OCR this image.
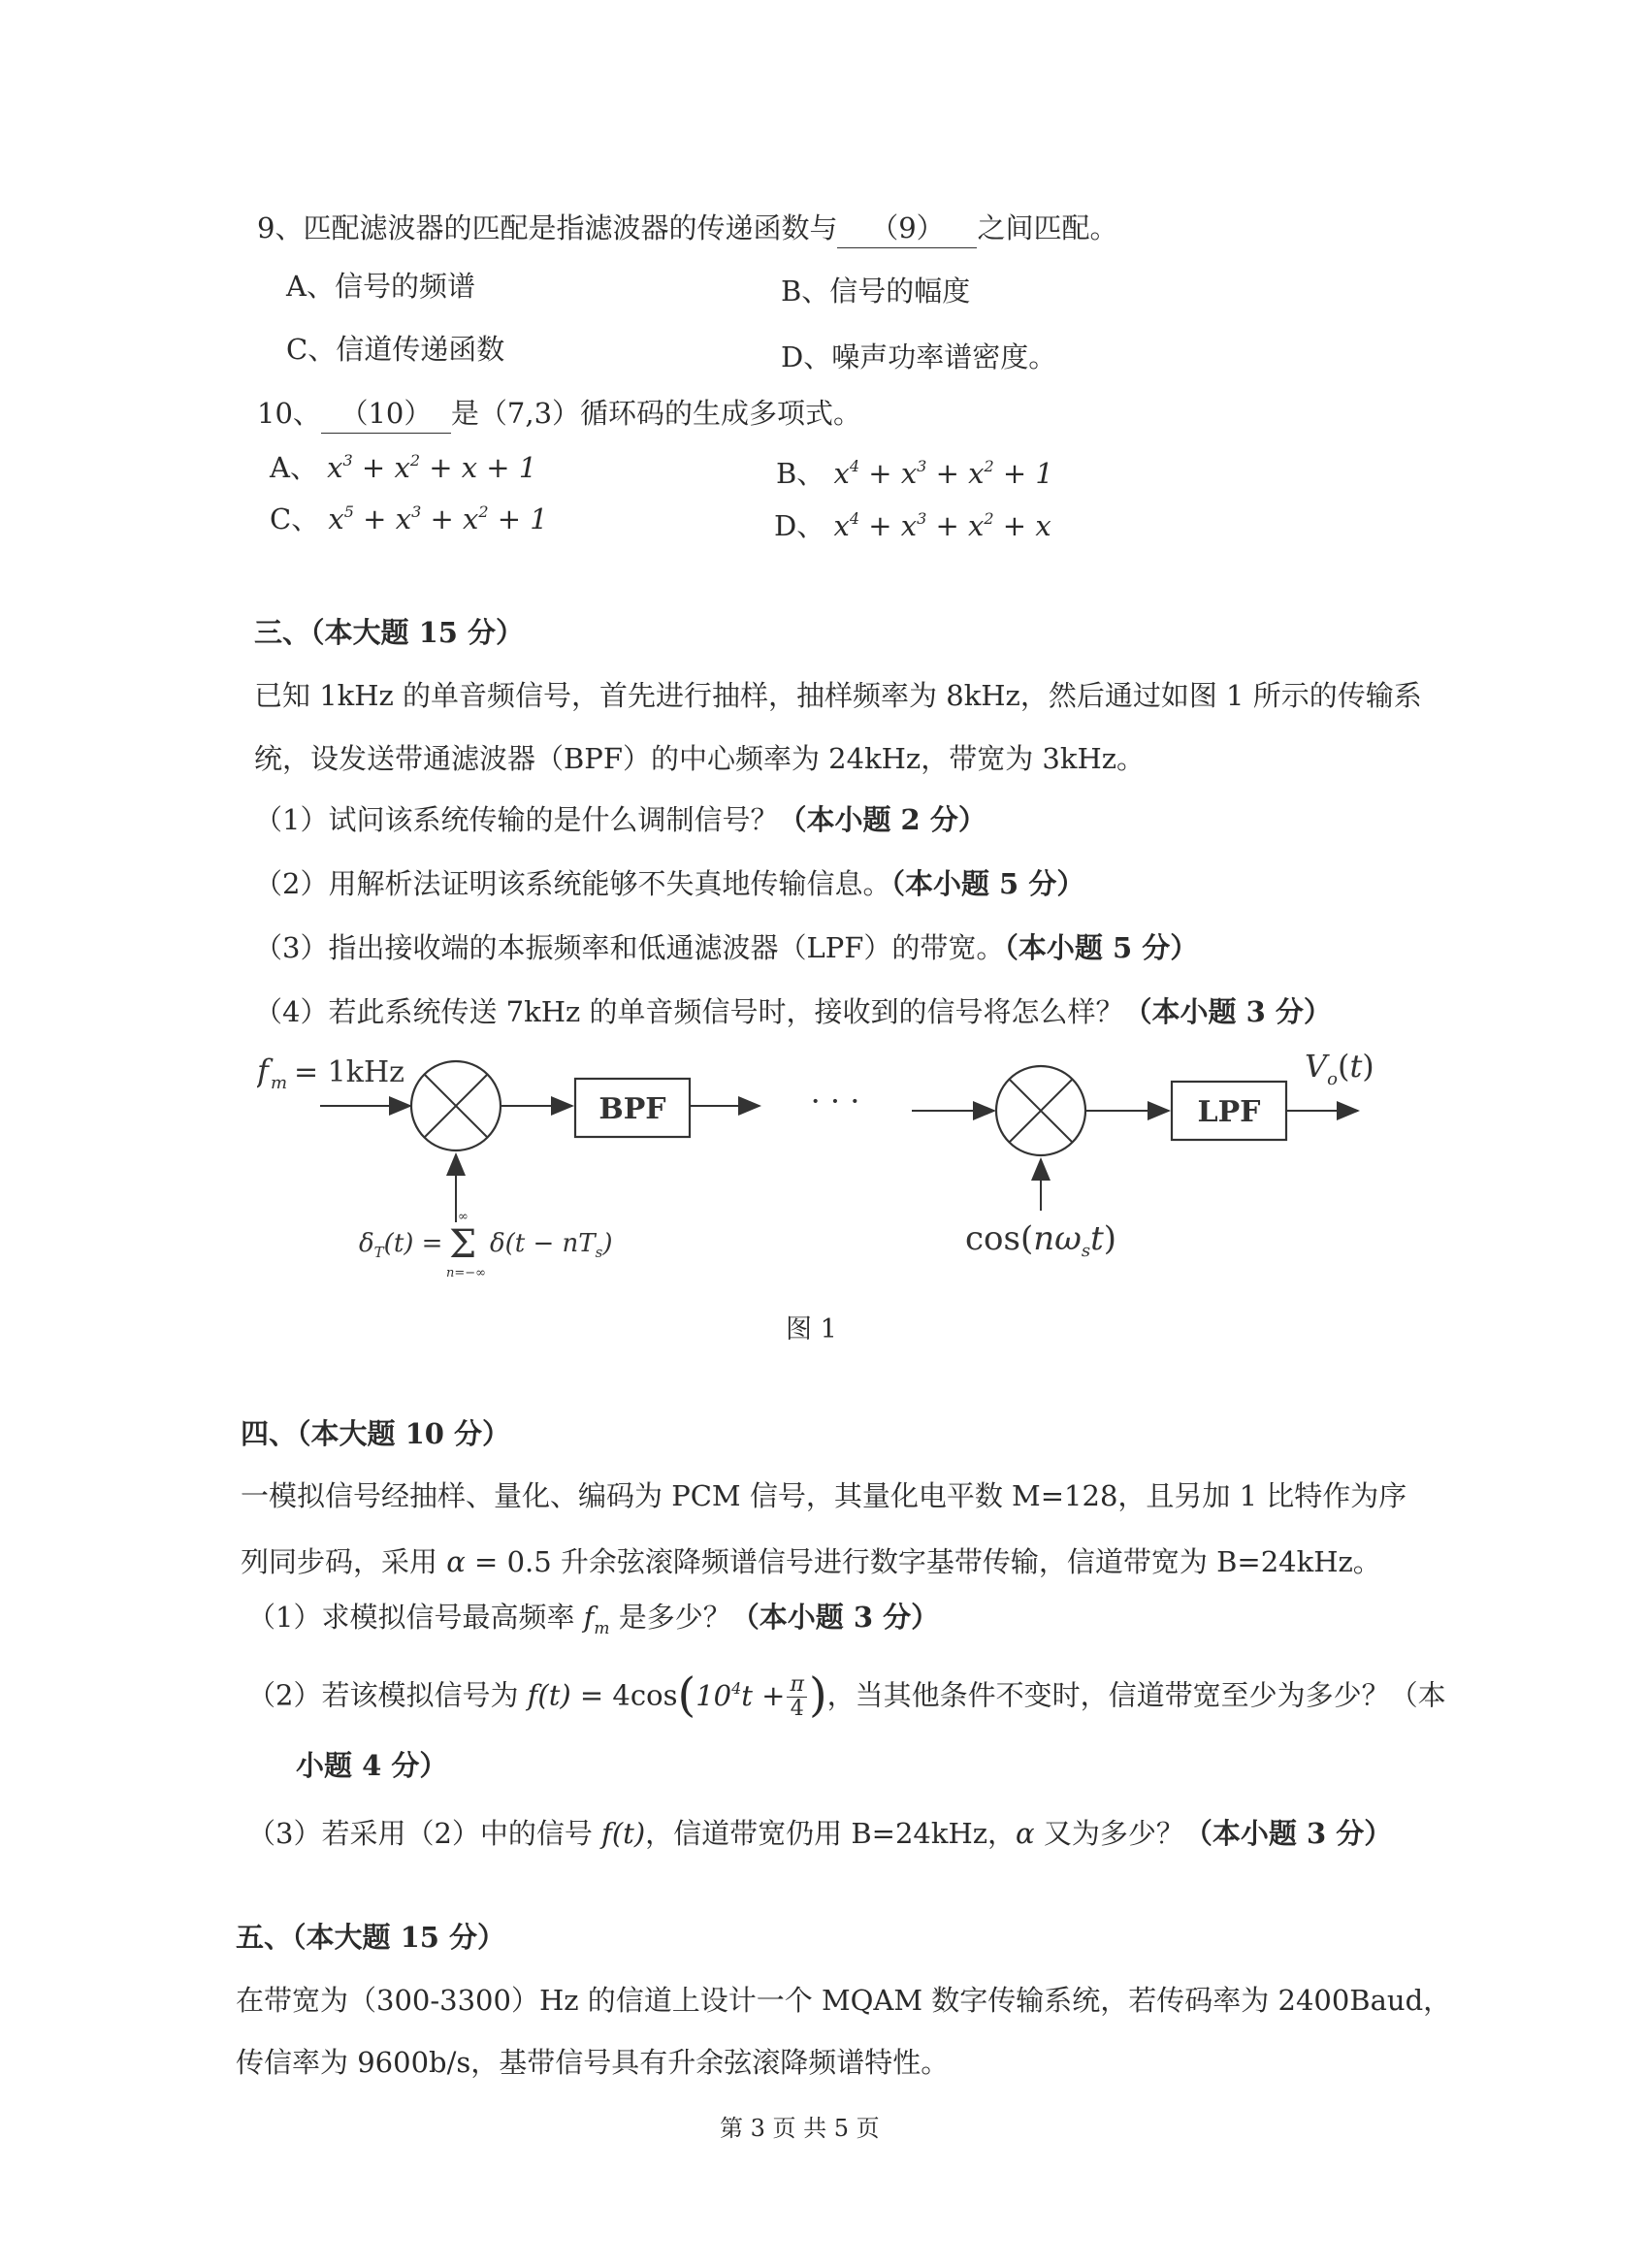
9、匹配滤波器的匹配是指滤波器的传递函数与 （9） 之间匹配。
A、信号的频谱	B、信号的幅度
C、信道传递函数	D、噪声功率谱密度。
10、 （10） 是（7,3）循环码的生成多项式。
A、 $x^3 + x^2 + x + 1$	B、 $x^4 + x^3 + x^2 + 1$
C、 $x^5 + x^3 + x^2 + 1$	D、 $x^4 + x^3 + x^2 + x$
三、（本大题 15 分）
已知 1kHz 的单音频信号，首先进行抽样，抽样频率为 8kHz，然后通过如图 1 所示的传输系
统，设发送带通滤波器（BPF）的中心频率为 24kHz，带宽为 3kHz。
（1）试问该系统传输的是什么调制信号？（本小题 2 分）
（2）用解析法证明该系统能够不失真地传输信息。（本小题 5 分）
（3）指出接收端的本振频率和低通滤波器（LPF）的带宽。（本小题 5 分）
（4）若此系统传送 7kHz 的单音频信号时，接收到的信号将怎么样？（本小题 3 分）
f m = 1kHz
$\delta_T(t) = \Sigma$
∞
n=−∞
$\delta(t - nT_s)$
BPF	· · ·
$\cos(n\omega_st)$
LPF
$V_o(t)$
图 1
四、（本大题 10 分）
一模拟信号经抽样、量化、编码为 PCM 信号，其量化电平数 M=128，且另加 1 比特作为序
列同步码，采用 α = 0.5 升余弦滚降频谱信号进行数字基带传输，信道带宽为 B=24kHz。
（1）求模拟信号最高频率 $f_m$ 是多少？（本小题 3 分）
（2）若该模拟信号为 $f(t) = 4\cos(10^4t + \frac{\pi}{4}$ )，当其他条件不变时，信道带宽至少为多少？（本
小题 4 分）
（3）若采用（2）中的信号 f(t)，信道带宽仍用 B=24kHz，α 又为多少？（本小题 3 分）
五、（本大题 15 分）
在带宽为（300-3300）Hz 的信道上设计一个 MQAM 数字传输系统，若传码率为 2400Baud，
传信率为 9600b/s，基带信号具有升余弦滚降频谱特性。
第 3 页 共 5 页
